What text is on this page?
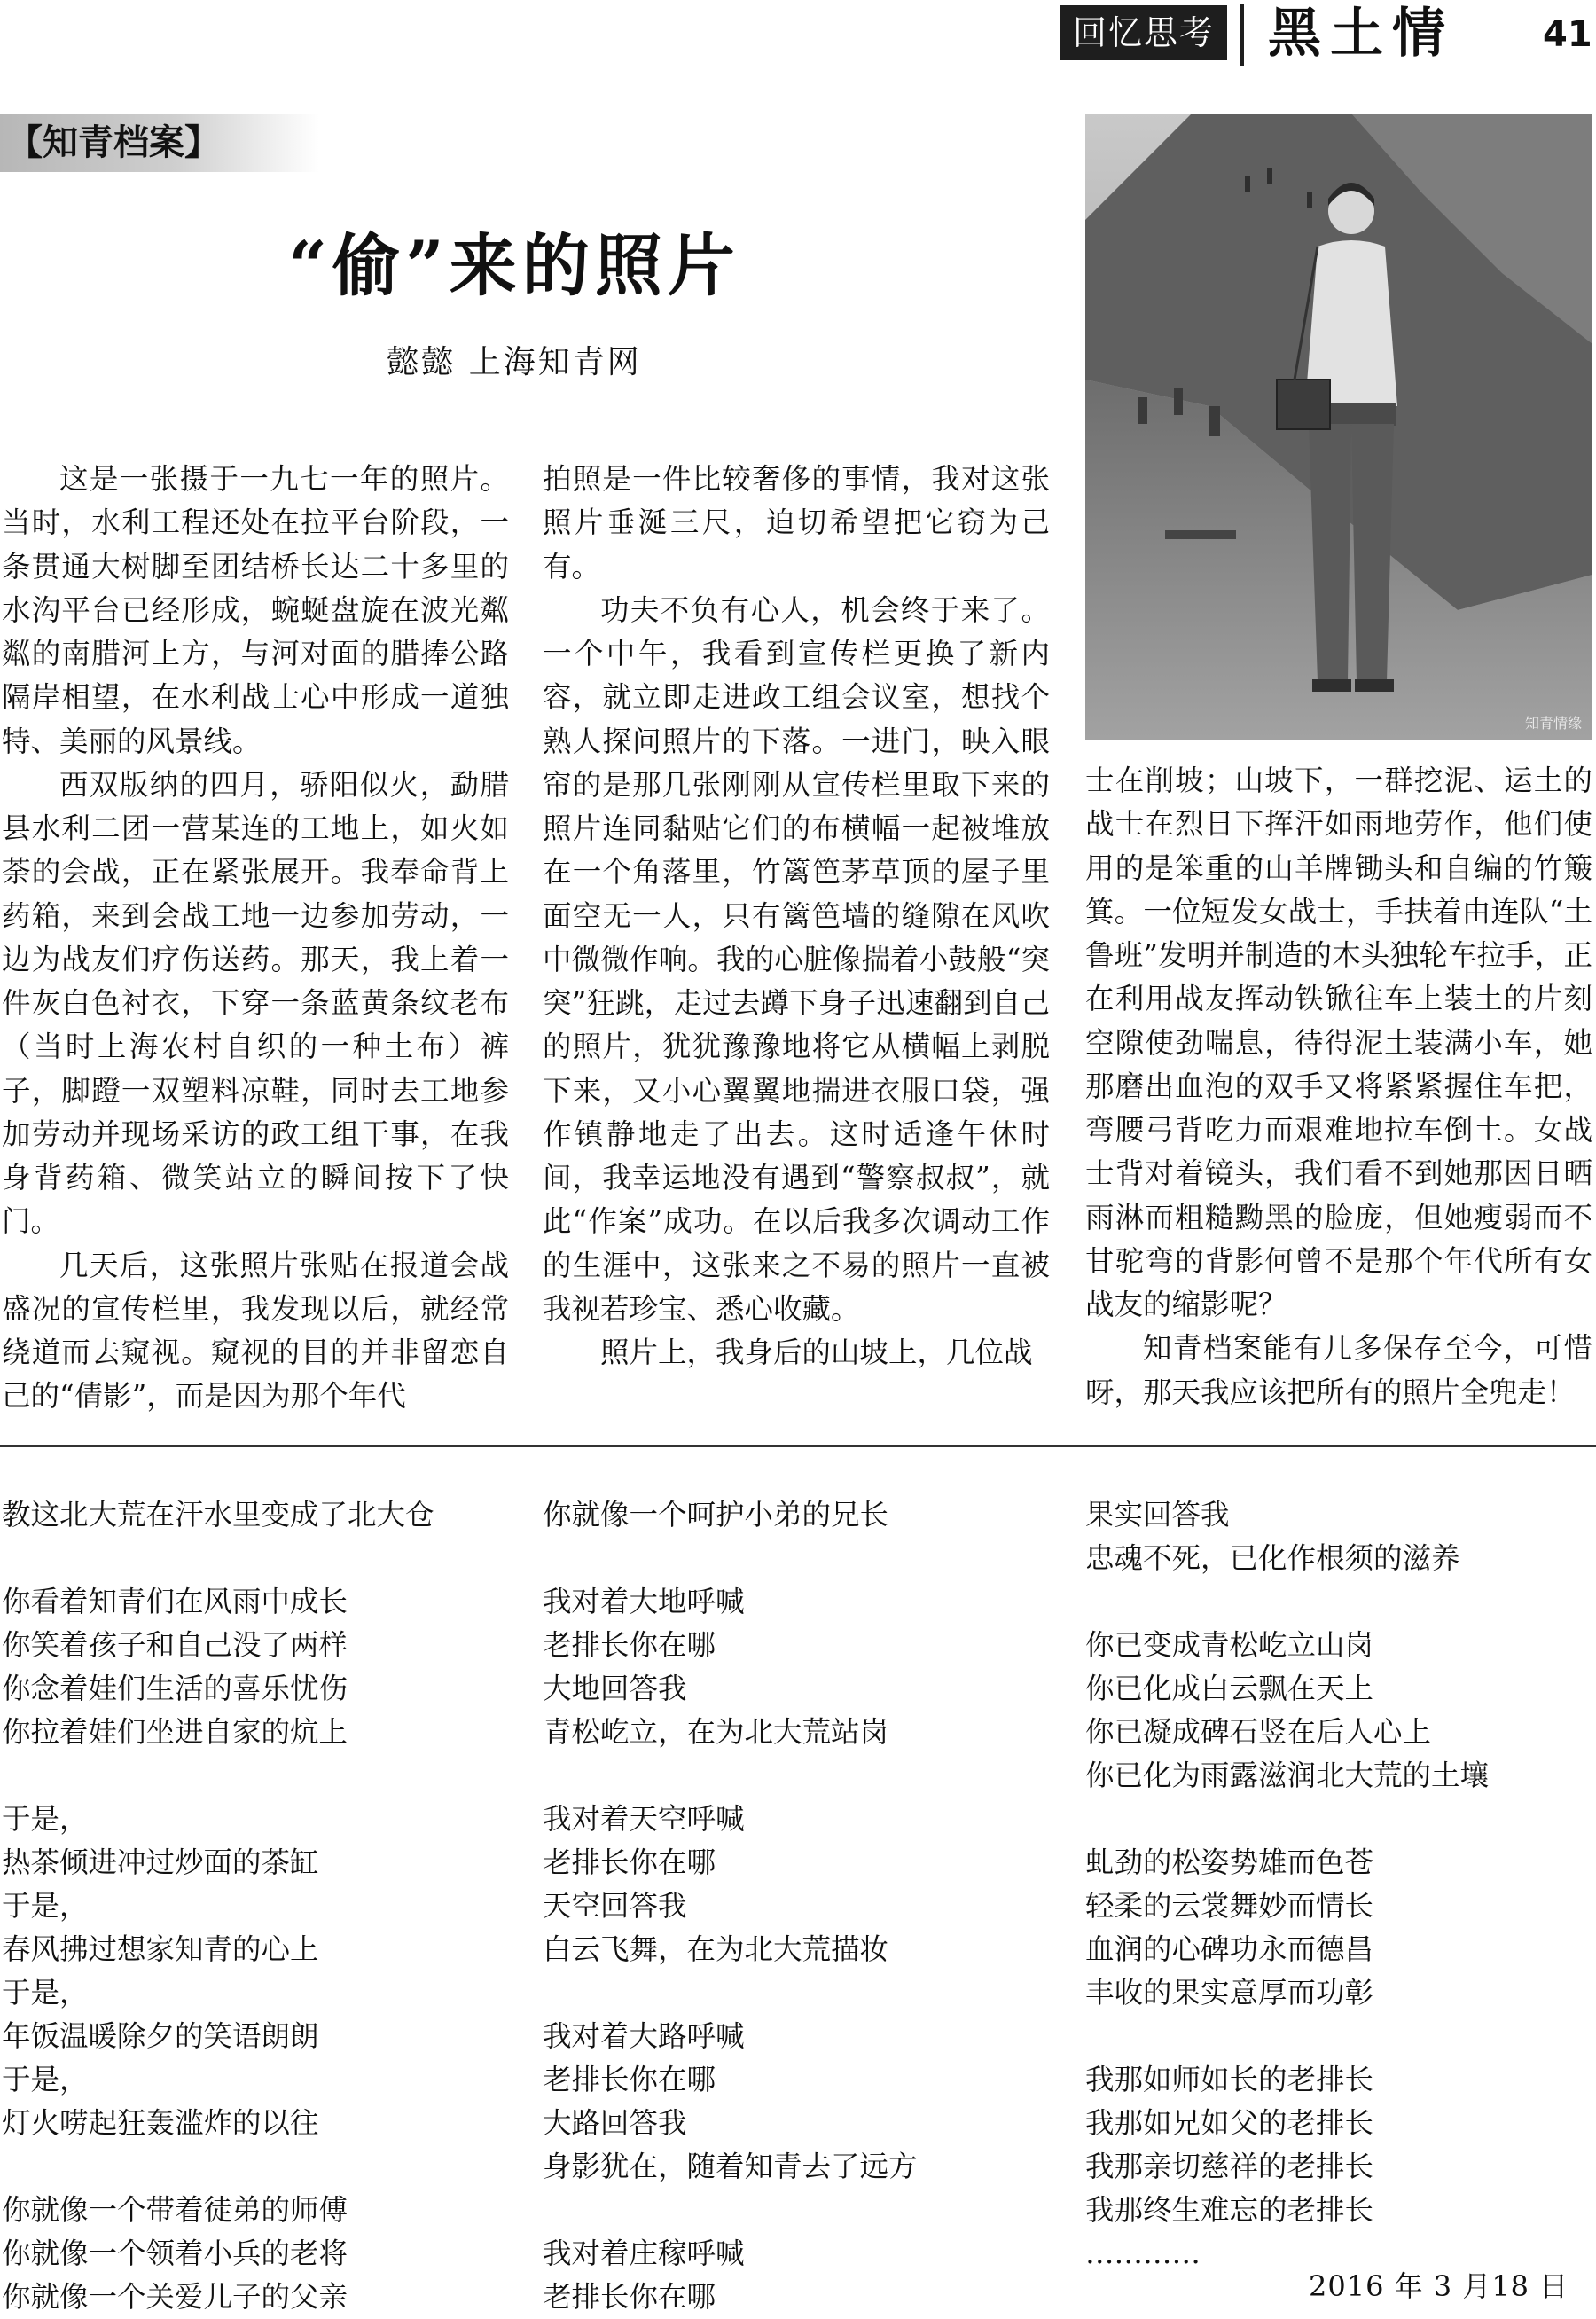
回忆思考 黑土情	41
【知青档案】
“偷”来的照片
懿懿 上海知青网

这是一张摄于一九七一年的照片。当时，水利工程还处在拉平台阶段，一条贯通大树脚至团结桥长达二十多里的水沟平台已经形成，蜿蜒盘旋在波光粼粼的南腊河上方，与河对面的腊捧公路隔岸相望，在水利战士心中形成一道独特、美丽的风景线。

西双版纳的四月，骄阳似火，勐腊县水利二团一营某连的工地上，如火如荼的会战，正在紧张展开。我奉命背上药箱，来到会战工地一边参加劳动，一边为战友们疗伤送药。那天，我上着一件灰白色衬衣，下穿一条蓝黄条纹老布（当时上海农村自织的一种土布）裤子，脚蹬一双塑料凉鞋，同时去工地参加劳动并现场采访的政工组干事，在我身背药箱、微笑站立的瞬间按下了快门。

几天后，这张照片张贴在报道会战盛况的宣传栏里，我发现以后，就经常绕道而去窥视。窥视的目的并非留恋自己的“倩影”，而是因为那个年代

拍照是一件比较奢侈的事情，我对这张照片垂涎三尺，迫切希望把它窃为己有。

功夫不负有心人，机会终于来了。一个中午，我看到宣传栏更换了新内容，就立即走进政工组会议室，想找个熟人探问照片的下落。一进门，映入眼帘的是那几张刚刚从宣传栏里取下来的照片连同黏贴它们的布横幅一起被堆放在一个角落里，竹篱笆茅草顶的屋子里面空无一人，只有篱笆墙的缝隙在风吹中微微作响。我的心脏像揣着小鼓般“突突”狂跳，走过去蹲下身子迅速翻到自己的照片，犹犹豫豫地将它从横幅上剥脱下来，又小心翼翼地揣进衣服口袋，强作镇静地走了出去。这时适逢午休时间，我幸运地没有遇到“警察叔叔”，就此“作案”成功。在以后我多次调动工作的生涯中，这张来之不易的照片一直被我视若珍宝、悉心收藏。

照片上，我身后的山坡上，几位战

知青情缘

士在削坡；山坡下，一群挖泥、运土的战士在烈日下挥汗如雨地劳作，他们使用的是笨重的山羊牌锄头和自编的竹簸箕。一位短发女战士，手扶着由连队“土鲁班”发明并制造的木头独轮车拉手，正在利用战友挥动铁锨往车上装土的片刻空隙使劲喘息，待得泥土装满小车，她那磨出血泡的双手又将紧紧握住车把，弯腰弓背吃力而艰难地拉车倒土。女战士背对着镜头，我们看不到她那因日晒雨淋而粗糙黝黑的脸庞，但她瘦弱而不甘驼弯的背影何曾不是那个年代所有女战友的缩影呢？

知青档案能有几多保存至今，可惜呀，那天我应该把所有的照片全兜走！

教这北大荒在汗水里变成了北大仓
你看着知青们在风雨中成长
你笑着孩子和自己没了两样
你念着娃们生活的喜乐忧伤
你拉着娃们坐进自家的炕上
于是，
热茶倾进冲过炒面的茶缸
于是，
春风拂过想家知青的心上
于是，
年饭温暖除夕的笑语朗朗
于是，
灯火唠起狂轰滥炸的以往
你就像一个带着徒弟的师傅
你就像一个领着小兵的老将
你就像一个关爱儿子的父亲
你就像一个呵护小弟的兄长
我对着大地呼喊
老排长你在哪
大地回答我
青松屹立，在为北大荒站岗
我对着天空呼喊
老排长你在哪
天空回答我
白云飞舞，在为北大荒描妆
我对着大路呼喊
老排长你在哪
大路回答我
身影犹在，随着知青去了远方
我对着庄稼呼喊
老排长你在哪
果实回答我
忠魂不死，已化作根须的滋养
你已变成青松屹立山岗
你已化成白云飘在天上
你已凝成碑石竖在后人心上
你已化为雨露滋润北大荒的土壤
虬劲的松姿势雄而色苍
轻柔的云裳舞妙而情长
血润的心碑功永而德昌
丰收的果实意厚而功彰
我那如师如长的老排长
我那如兄如父的老排长
我那亲切慈祥的老排长
我那终生难忘的老排长
…………
2016 年 3 月18 日
